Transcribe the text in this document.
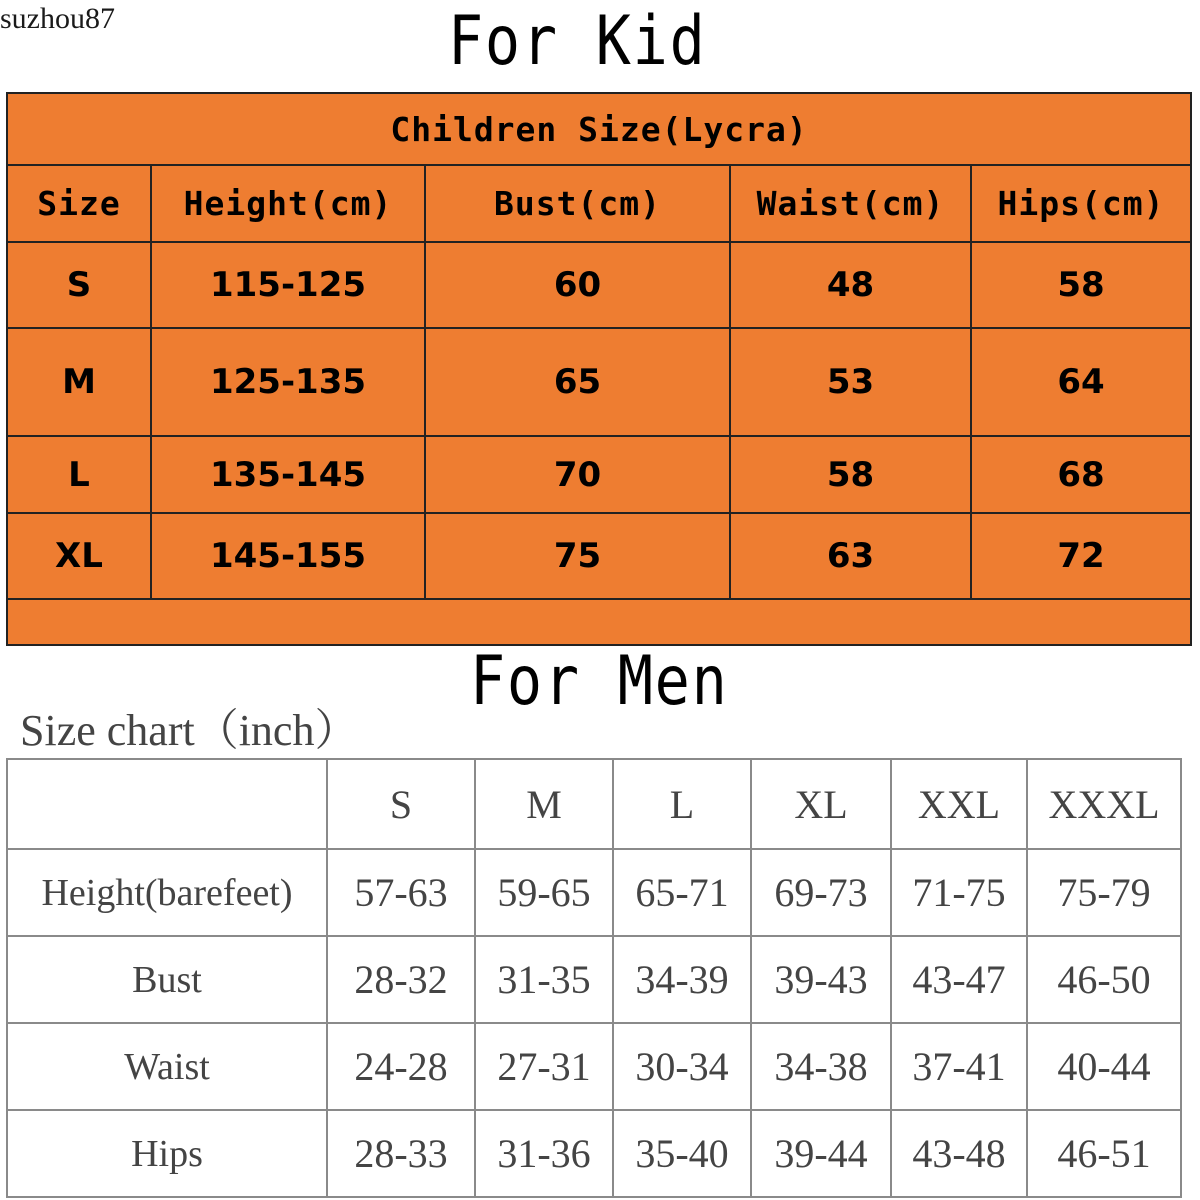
suzhou87	For Kid
Children Size(Lycra)				
Size	Height(cm)	Bust(cm)	Waist(cm)	Hips(cm)
S	115-125	60	48	58
M	125-135	65	53	64
L	135-145	70	58	68
XL	145-155	75	63	72

For Men
Size chart（inch）
	S	M	L	XL	XXL	XXXL
Height(barefeet)	57-63	59-65	65-71	69-73	71-75	75-79
Bust	28-32	31-35	34-39	39-43	43-47	46-50
Waist	24-28	27-31	30-34	34-38	37-41	40-44
Hips	28-33	31-36	35-40	39-44	43-48	46-51
